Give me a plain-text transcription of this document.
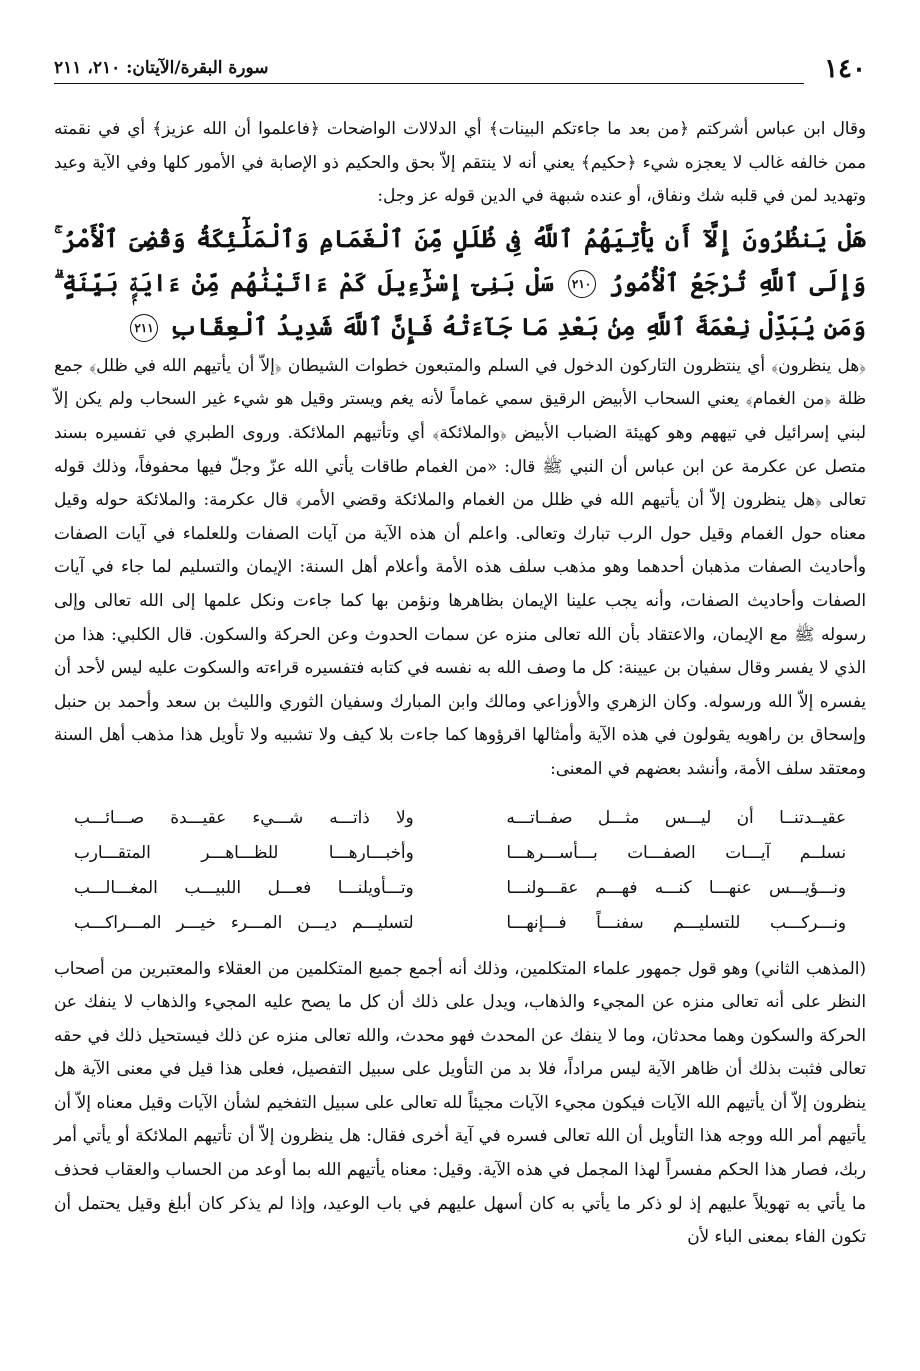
١٤٠
سورة البقرة/الآيتان: ٢١٠، ٢١١

وقال ابن عباس أشركتم ﴿من بعد ما جاءتكم البينات﴾ أي الدلالات الواضحات ﴿فاعلموا أن الله عزيز﴾ أي في نقمته ممن خالفه غالب لا يعجزه شيء ﴿حكيم﴾ يعني أنه لا ينتقم إلاّ بحق والحكيم ذو الإصابة في الأمور كلها وفي الآية وعيد وتهديد لمن في قلبه شك ونفاق، أو عنده شبهة في الدين قوله عز وجل:

هَلْ يَنظُرُونَ إِلَّآ أَن يَأْتِيَهُمُ ٱللَّهُ فِى ظُلَلٍ مِّنَ ٱلْغَمَامِ وَٱلْمَلَٰٓئِكَةُ وَقُضِىَ ٱلْأَمْرُ ۚ وَإِلَى ٱللَّهِ تُرْجَعُ ٱلْأُمُورُ ٢١٠ سَلْ بَنِىٓ إِسْرَٰٓءِيلَ كَمْ ءَاتَيْنَٰهُم مِّنْ ءَايَةٍۭ بَيِّنَةٍ ۗ وَمَن يُبَدِّلْ نِعْمَةَ ٱللَّهِ مِنۢ بَعْدِ مَا جَآءَتْهُ فَإِنَّ ٱللَّهَ شَدِيدُ ٱلْعِقَابِ ٢١١

﴿هل ينظرون﴾ أي ينتظرون التاركون الدخول في السلم والمتبعون خطوات الشيطان ﴿إلاّ أن يأتيهم الله في ظلل﴾ جمع ظلة ﴿من الغمام﴾ يعني السحاب الأبيض الرقيق سمي غماماً لأنه يغم ويستر وقيل هو شيء غير السحاب ولم يكن إلاّ لبني إسرائيل في تيههم وهو كهيئة الضباب الأبيض ﴿والملائكة﴾ أي وتأتيهم الملائكة. وروى الطبري في تفسيره بسند متصل عن عكرمة عن ابن عباس أن النبي ﷺ قال: «من الغمام طاقات يأتي الله عزّ وجلّ فيها محفوفاً، وذلك قوله تعالى ﴿هل ينظرون إلاّ أن يأتيهم الله في ظلل من الغمام والملائكة وقضي الأمر﴾ قال عكرمة: والملائكة حوله وقيل معناه حول الغمام وقيل حول الرب تبارك وتعالى. واعلم أن هذه الآية من آيات الصفات وللعلماء في آيات الصفات وأحاديث الصفات مذهبان أحدهما وهو مذهب سلف هذه الأمة وأعلام أهل السنة: الإيمان والتسليم لما جاء في آيات الصفات وأحاديث الصفات، وأنه يجب علينا الإيمان بظاهرها ونؤمن بها كما جاءت ونكل علمها إلى الله تعالى وإلى رسوله ﷺ مع الإيمان، والاعتقاد بأن الله تعالى منزه عن سمات الحدوث وعن الحركة والسكون. قال الكلبي: هذا من الذي لا يفسر وقال سفيان بن عيينة: كل ما وصف الله به نفسه في كتابه فتفسيره قراءته والسكوت عليه ليس لأحد أن يفسره إلاّ الله ورسوله. وكان الزهري والأوزاعي ومالك وابن المبارك وسفيان الثوري والليث بن سعد وأحمد بن حنبل وإسحاق بن راهويه يقولون في هذه الآية وأمثالها اقرؤوها كما جاءت بلا كيف ولا تشبيه ولا تأويل هذا مذهب أهل السنة ومعتقد سلف الأمة، وأنشد بعضهم في المعنى:

عقيــدتنــا أن ليـــس مثـــل صفــاتـــه
ولا ذاتـــه شـــيء عقيـــدة صـــائـــب
نسلــم آيـــات الصفـــات بـــأســـرهـــا
وأخبـــارهـــا للظـــاهـــر المتقـــارب
ونـــؤيـــس عنهـــا كنـــه فهـــم عقـــولنـــا
وتـــأويلنـــا فعـــل اللبيـــب المغـــالـــب
ونـــركـــب للتسليـــم سفنـــاً فـــإنهـــا
لتسليـــم ديـــن المـــرء خيـــر المـــراكـــب

(المذهب الثاني) وهو قول جمهور علماء المتكلمين، وذلك أنه أجمع جميع المتكلمين من العقلاء والمعتبرين من أصحاب النظر على أنه تعالى منزه عن المجيء والذهاب، ويدل على ذلك أن كل ما يصح عليه المجيء والذهاب لا ينفك عن الحركة والسكون وهما محدثان، وما لا ينفك عن المحدث فهو محدث، والله تعالى منزه عن ذلك فيستحيل ذلك في حقه تعالى فثبت بذلك أن ظاهر الآية ليس مراداً، فلا بد من التأويل على سبيل التفصيل، فعلى هذا قيل في معنى الآية هل ينظرون إلاّ أن يأتيهم الله الآيات فيكون مجيء الآيات مجيئاً لله تعالى على سبيل التفخيم لشأن الآيات وقيل معناه إلاّ أن يأتيهم أمر الله ووجه هذا التأويل أن الله تعالى فسره في آية أخرى فقال: هل ينظرون إلاّ أن تأتيهم الملائكة أو يأتي أمر ربك، فصار هذا الحكم مفسراً لهذا المجمل في هذه الآية. وقيل: معناه يأتيهم الله بما أوعد من الحساب والعقاب فحذف ما يأتي به تهويلاً عليهم إذ لو ذكر ما يأتي به كان أسهل عليهم في باب الوعيد، وإذا لم يذكر كان أبلغ وقيل يحتمل أن تكون الفاء بمعنى الباء لأن
